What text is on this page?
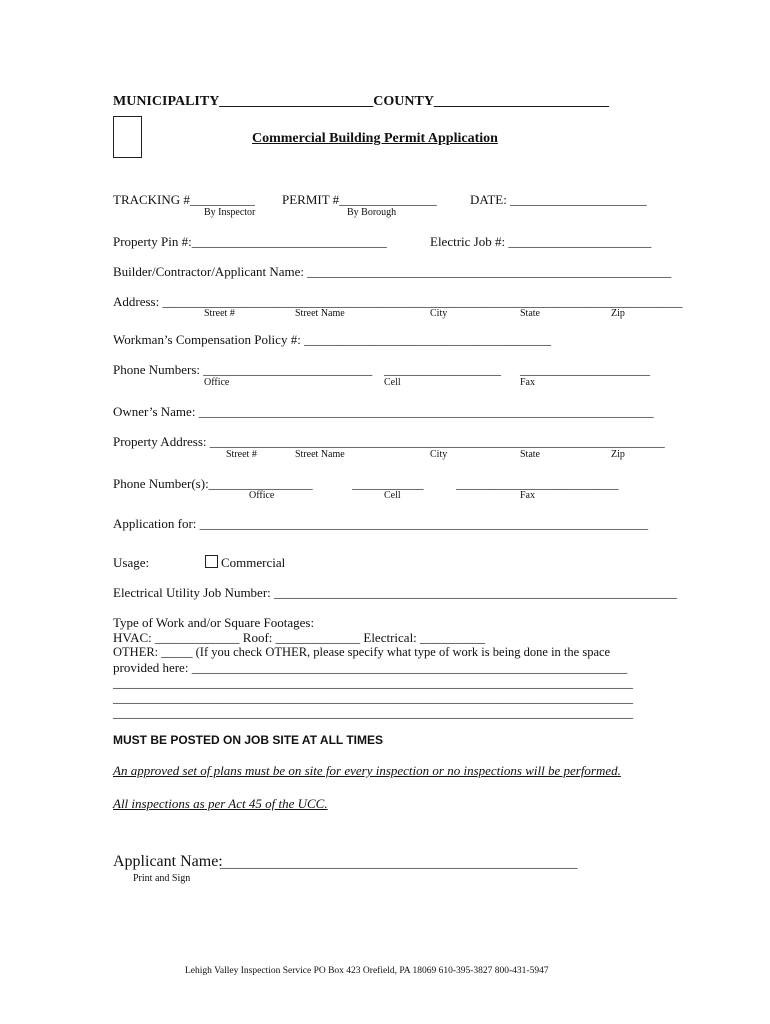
MUNICIPALITY______________________COUNTY_________________________
Commercial Building Permit Application
TRACKING #__________ PERMIT #_______________	DATE: _____________________
By Inspector	By Borough
Property Pin #:______________________________	Electric Job #: ______________________
Builder/Contractor/Applicant Name: ________________________________________________________
Address: ________________________________________________________________________________
Street #	Street Name	City	State	Zip
Workman’s Compensation Policy #: ______________________________________
Phone Numbers: __________________________ __________________ ____________________
Office	Cell	Fax
Owner’s Name: ______________________________________________________________________
Property Address: ______________________________________________________________________
Street #	Street Name	City	State	Zip
Phone Number(s):________________	___________	_________________________
Office	Cell	Fax
Application for: _____________________________________________________________________
Usage:	Commercial
Electrical Utility Job Number: ______________________________________________________________
Type of Work and/or Square Footages:
HVAC: _____________ Roof: _____________ Electrical: __________
OTHER: _____ (If you check OTHER, please specify what type of work is being done in the space
provided here: ___________________________________________________________________
________________________________________________________________________________
________________________________________________________________________________
________________________________________________________________________________
MUST BE POSTED ON JOB SITE AT ALL TIMES
An approved set of plans must be on site for every inspection or no inspections will be performed.
All inspections as per Act 45 of the UCC.
Applicant Name:
_______________________________________________________
Print and Sign
Lehigh Valley Inspection Service PO Box 423 Orefield, PA 18069 610-395-3827 800-431-5947
